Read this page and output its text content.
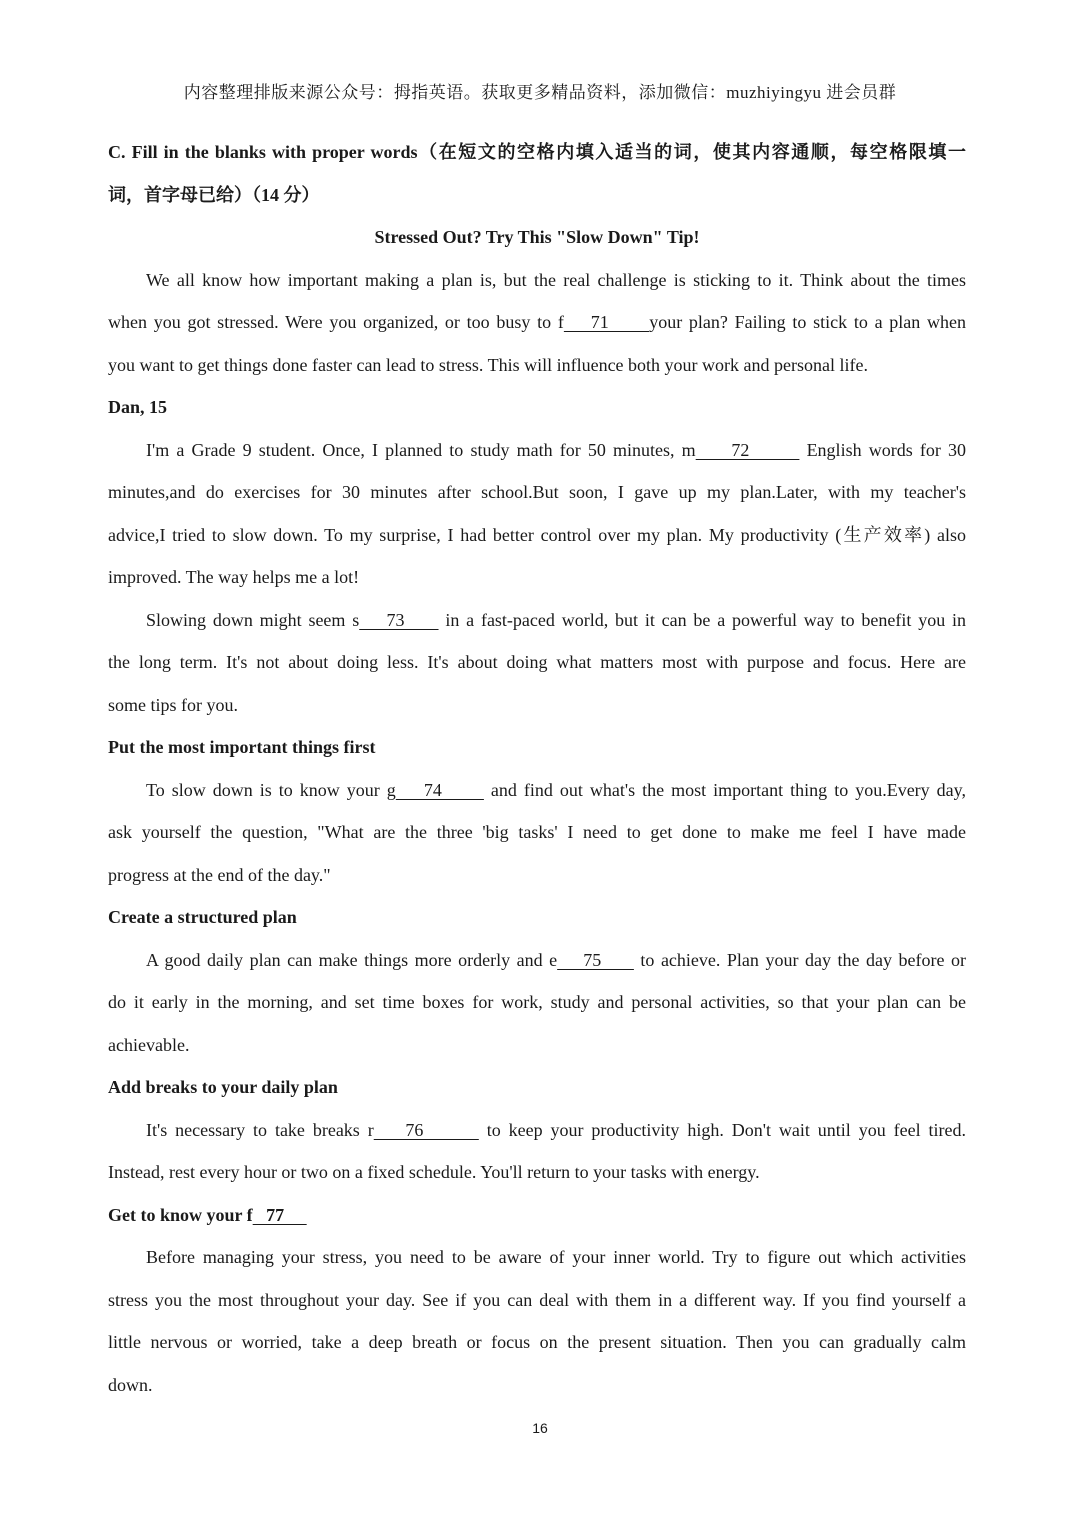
内容整理排版来源公众号：拇指英语。获取更多精品资料，添加微信：muzhiyingyu 进会员群
C. Fill in the blanks with proper words（在短文的空格内填入适当的词，使其内容通顺，每空格限填一
词，首字母已给）（14 分）
Stressed Out? Try This "Slow Down" Tip!
We all know how important making a plan is, but the real challenge is sticking to it. Think about the times
when you got stressed. Were you organized, or too busy to f    71      your plan? Failing to stick to a plan when
you want to get things done faster can lead to stress. This will influence both your work and personal life.
Dan, 15
I'm a Grade 9 student. Once, I planned to study math for 50 minutes, m     72        English words for 30
minutes,and do exercises for 30 minutes after school.But soon, I gave up my plan.Later, with my teacher's
advice,I tried to slow down. To my surprise, I had better control over my plan. My productivity (生产效率) also
improved. The way helps me a lot!
Slowing down might seem s    73      in a fast-paced world, but it can be a powerful way to benefit you in
the long term. It's not about doing less. It's about doing what matters most with purpose and focus. Here are
some tips for you.
Put the most important things first
To slow down is to know your g    74       and find out what's the most important thing to you.Every day,
ask yourself the question, "What are the three 'big tasks' I need to get done to make me feel I have made
progress at the end of the day."
Create a structured plan
A good daily plan can make things more orderly and e    75      to achieve. Plan your day the day before or
do it early in the morning, and set time boxes for work, study and personal activities, so that your plan can be
achievable.
Add breaks to your daily plan
It's necessary to take breaks r    76        to keep your productivity high. Don't wait until you feel tired.
Instead, rest every hour or two on a fixed schedule. You'll return to your tasks with energy.
Get to know your f   77
Before managing your stress, you need to be aware of your inner world. Try to figure out which activities
stress you the most throughout your day. See if you can deal with them in a different way. If you find yourself a
little nervous or worried, take a deep breath or focus on the present situation. Then you can gradually calm
down.
16
